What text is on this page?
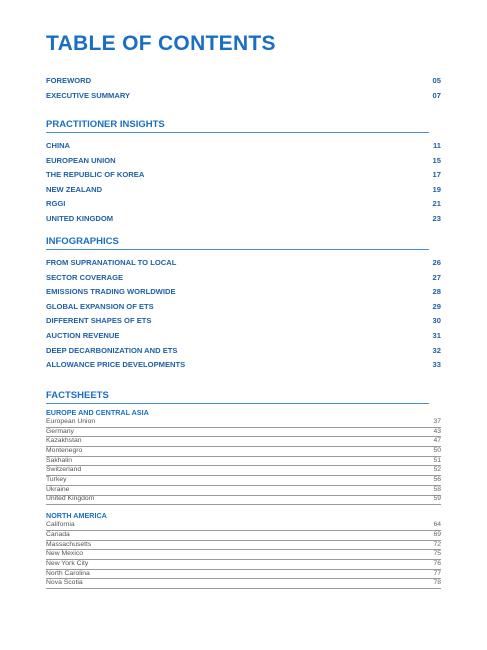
TABLE OF CONTENTS
FOREWORD	05
EXECUTIVE SUMMARY	07
PRACTITIONER INSIGHTS
CHINA	11
EUROPEAN UNION	15
THE REPUBLIC OF KOREA	17
NEW ZEALAND	19
RGGI	21
UNITED KINGDOM	23
INFOGRAPHICS
FROM SUPRANATIONAL TO LOCAL	26
SECTOR COVERAGE	27
EMISSIONS TRADING WORLDWIDE	28
GLOBAL EXPANSION OF ETS	29
DIFFERENT SHAPES OF ETS	30
AUCTION REVENUE	31
DEEP DECARBONIZATION AND ETS	32
ALLOWANCE PRICE DEVELOPMENTS	33
FACTSHEETS
EUROPE AND CENTRAL ASIA
European Union	37
Germany	43
Kazakhstan	47
Montenegro	50
Sakhalin	51
Switzerland	52
Turkey	56
Ukraine	58
United Kingdom	59
NORTH AMERICA
California	64
Canada	69
Massachusetts	72
New Mexico	75
New York City	76
North Carolina	77
Nova Scotia	78
